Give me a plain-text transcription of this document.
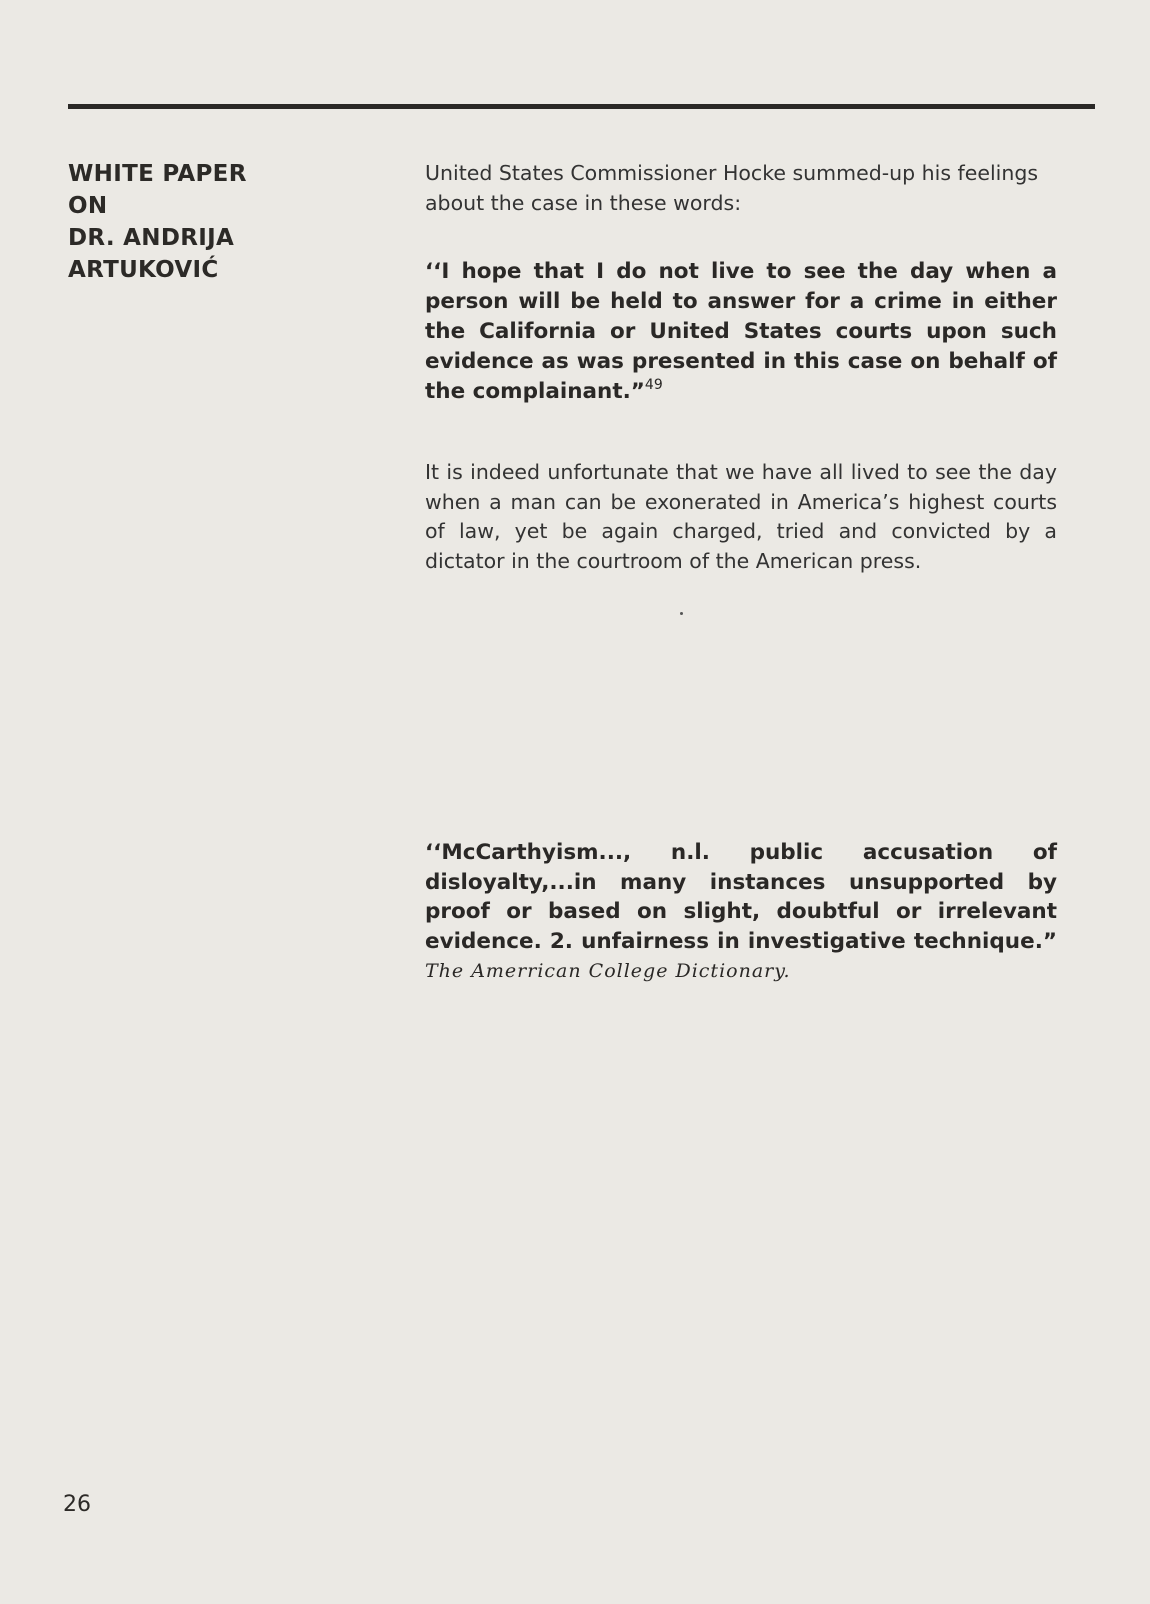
WHITE PAPER
ON
DR. ANDRIJA
ARTUKOVIĆ
United States Commissioner Hocke summed-up his feelings about the case in these words:
‘‘I hope that I do not live to see the day when a person will be held to answer for a crime in either the California or United States courts upon such evidence as was presented in this case on behalf of the complainant.”$^{49}$
It is indeed unfortunate that we have all lived to see the day when a man can be exonerated in America’s highest courts of law, yet be again charged, tried and convicted by a dictator in the courtroom of the American press.
‘‘McCarthyism..., n.l. public accusation of disloyalty,...in many instances unsupported by proof or based on slight, doubtful or irrelevant evidence. 2. unfairness in investigative technique.” The Amerrican College Dictionary.
26
